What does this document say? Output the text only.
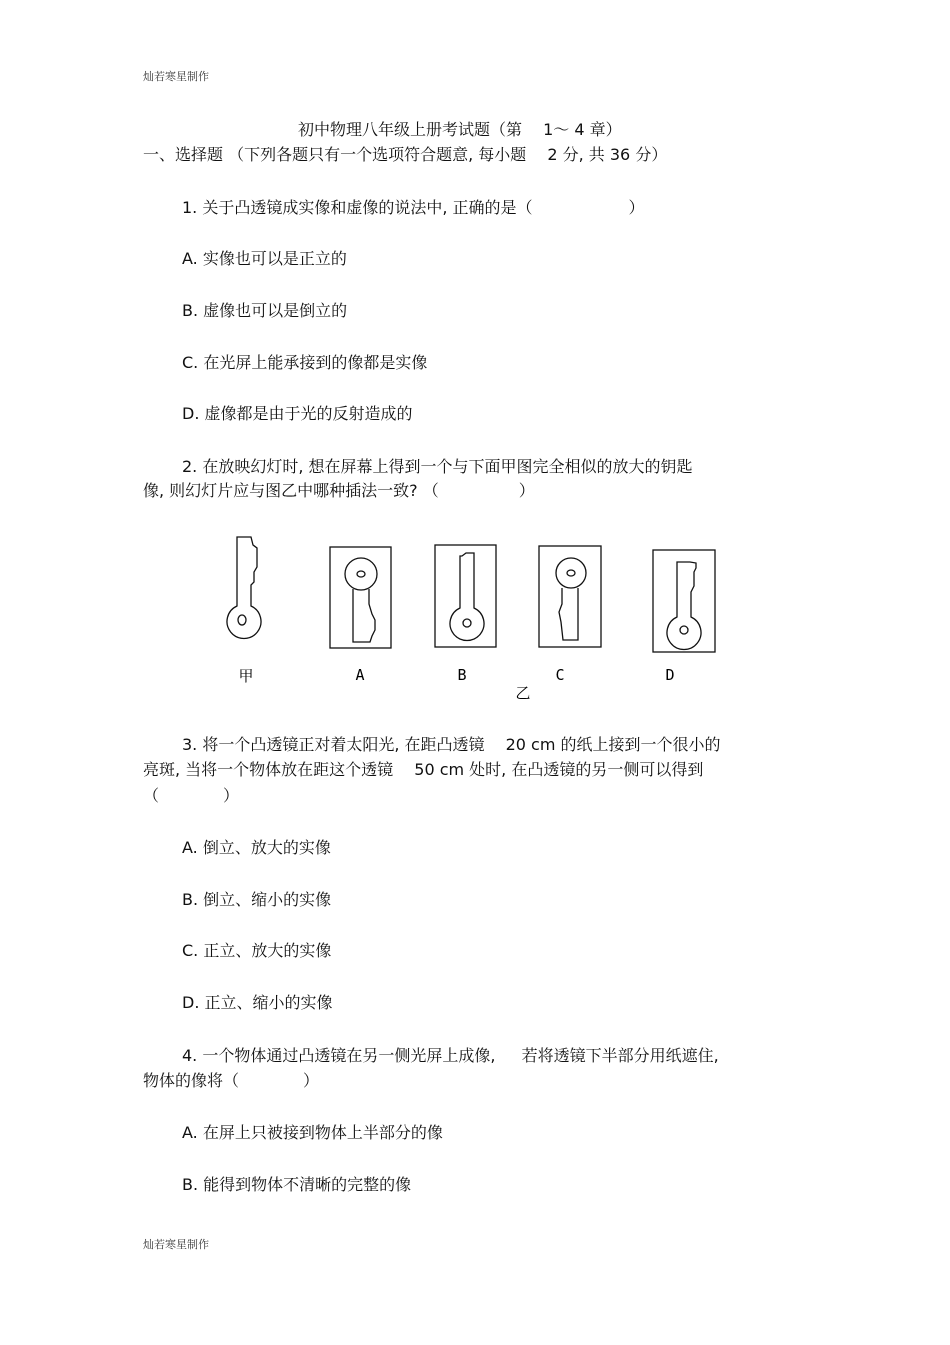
灿若寒星制作
初中物理八年级上册考试题（第　 1～ 4 章）
一、选择题 （下列各题只有一个选项符合题意, 每小题　 2 分, 共 36 分）
1. 关于凸透镜成实像和虚像的说法中, 正确的是（　　　　　　）
A. 实像也可以是正立的
B. 虚像也可以是倒立的
C. 在光屏上能承接到的像都是实像
D. 虚像都是由于光的反射造成的
2. 在放映幻灯时, 想在屏幕上得到一个与下面甲图完全相似的放大的钥匙
像, 则幻灯片应与图乙中哪种插法一致? （　　　　　）
甲	A	B	C	D
乙
3. 将一个凸透镜正对着太阳光, 在距凸透镜　 20 cm 的纸上接到一个很小的
亮斑, 当将一个物体放在距这个透镜　 50 cm 处时, 在凸透镜的另一侧可以得到
（　　　　）
A. 倒立、放大的实像
B. 倒立、缩小的实像
C. 正立、放大的实像
D. 正立、缩小的实像
4. 一个物体通过凸透镜在另一侧光屏上成像, 　 若将透镜下半部分用纸遮住,
物体的像将（　　　　）
A. 在屏上只被接到物体上半部分的像
B. 能得到物体不清晰的完整的像
灿若寒星制作
